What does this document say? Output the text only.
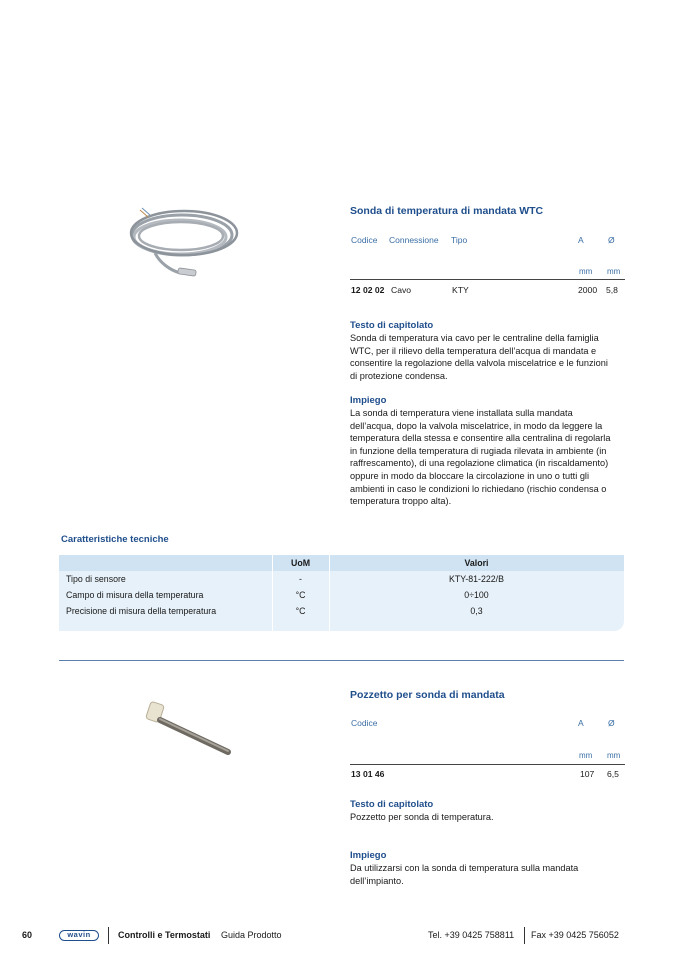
Sonda di temperatura di mandata WTC
Codice Connessione Tipo	A	Ø
mm mm
12 02 02 Cavo	KTY	2000 5,8
Testo di capitolato
Sonda di temperatura via cavo per le centraline della famiglia
WTC, per il rilievo della temperatura dell’acqua di mandata e
consentire la regolazione della valvola miscelatrice e le funzioni
di protezione condensa.
Impiego
La sonda di temperatura viene installata sulla mandata
dell’acqua, dopo la valvola miscelatrice, in modo da leggere la
temperatura della stessa e consentire alla centralina di regolarla
in funzione della temperatura di rugiada rilevata in ambiente (in
raffrescamento), di una regolazione climatica (in riscaldamento)
oppure in modo da bloccare la circolazione in uno o tutti gli
ambienti in caso le condizioni lo richiedano (rischio condensa o
temperatura troppo alta).
Caratteristiche tecniche
UoM	Valori
Tipo di sensore	-	KTY-81-222/B
Campo di misura della temperatura	°C	0÷100
Precisione di misura della temperatura	°C	0,3
Pozzetto per sonda di mandata
Codice	A	Ø
mm mm
13 01 46	107 6,5
Testo di capitolato
Pozzetto per sonda di temperatura.
Impiego
Da utilizzarsi con la sonda di temperatura sulla mandata
dell’impianto.
60	wavin	Controlli e Termostati Guida Prodotto	Tel. +39 0425 758811 Fax +39 0425 756052
